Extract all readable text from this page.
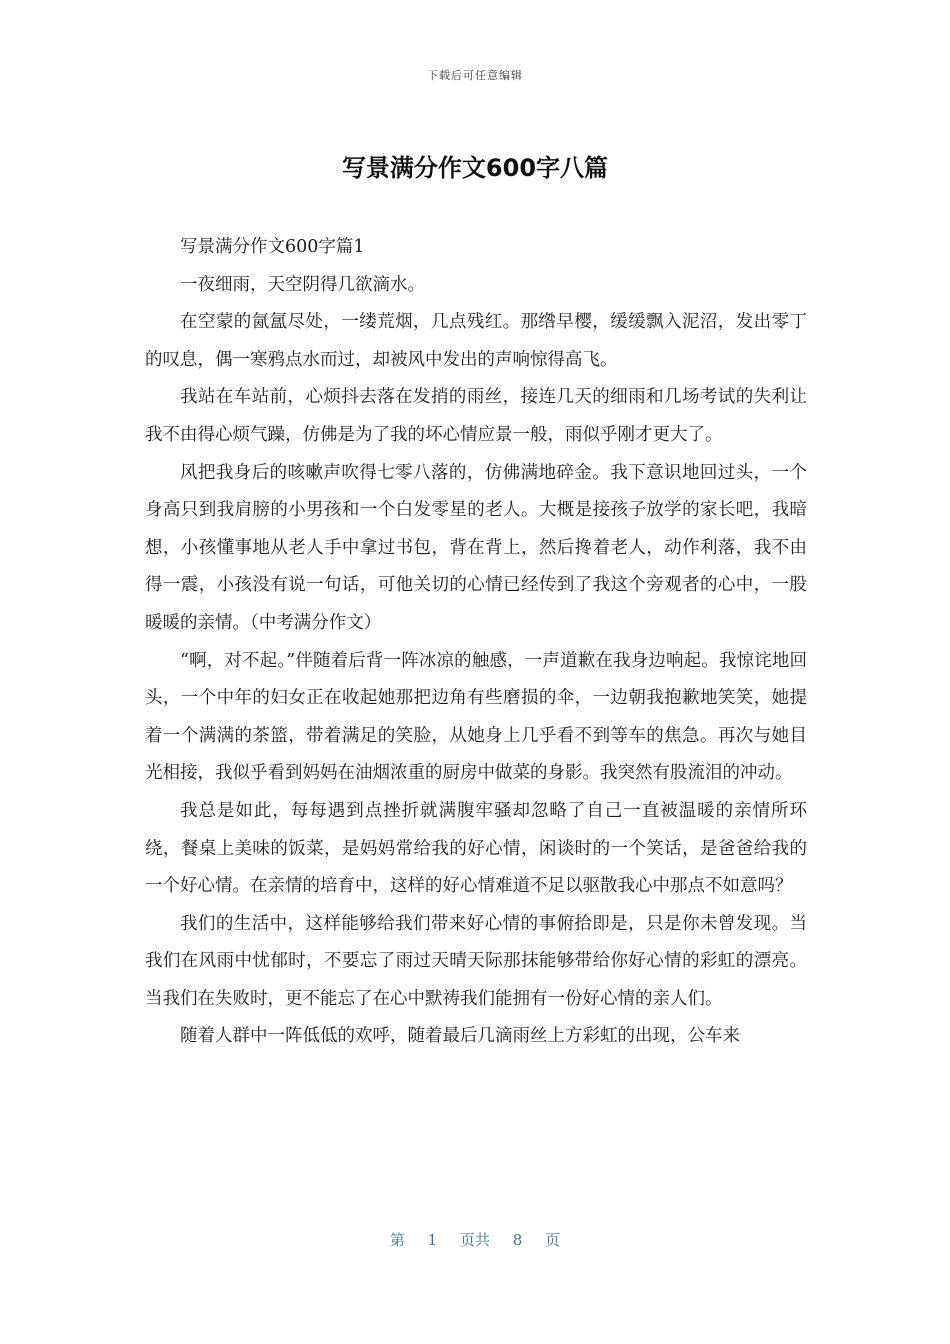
下载后可任意编辑
写景满分作文600字八篇

写景满分作文600字篇1

一夜细雨，天空阴得几欲滴水。

在空蒙的氤氲尽处，一缕荒烟，几点残红。那绺早樱，缓缓飘入泥沼，发出零丁的叹息，偶一寒鸦点水而过，却被风中发出的声响惊得高飞。

我站在车站前，心烦抖去落在发捎的雨丝，接连几天的细雨和几场考试的失利让我不由得心烦气躁，仿佛是为了我的坏心情应景一般，雨似乎刚才更大了。

风把我身后的咳嗽声吹得七零八落的，仿佛满地碎金。我下意识地回过头，一个身高只到我肩膀的小男孩和一个白发零星的老人。大概是接孩子放学的家长吧，我暗想，小孩懂事地从老人手中拿过书包，背在背上，然后搀着老人，动作利落，我不由得一震，小孩没有说一句话，可他关切的心情已经传到了我这个旁观者的心中，一股暖暖的亲情。（中考满分作文）

“啊，对不起。”伴随着后背一阵冰凉的触感，一声道歉在我身边响起。我惊诧地回头，一个中年的妇女正在收起她那把边角有些磨损的伞，一边朝我抱歉地笑笑，她提着一个满满的茶篮，带着满足的笑脸，从她身上几乎看不到等车的焦急。再次与她目光相接，我似乎看到妈妈在油烟浓重的厨房中做菜的身影。我突然有股流泪的冲动。

我总是如此，每每遇到点挫折就满腹牢骚却忽略了自己一直被温暖的亲情所环绕，餐桌上美味的饭菜，是妈妈常给我的好心情，闲谈时的一个笑话，是爸爸给我的一个好心情。在亲情的培育中，这样的好心情难道不足以驱散我心中那点不如意吗？

我们的生活中，这样能够给我们带来好心情的事俯拾即是，只是你未曾发现。当我们在风雨中忧郁时，不要忘了雨过天晴天际那抹能够带给你好心情的彩虹的漂亮。当我们在失败时，更不能忘了在心中默祷我们能拥有一份好心情的亲人们。

随着人群中一阵低低的欢呼，随着最后几滴雨丝上方彩虹的出现，公车来

第 1 页共 8 页
